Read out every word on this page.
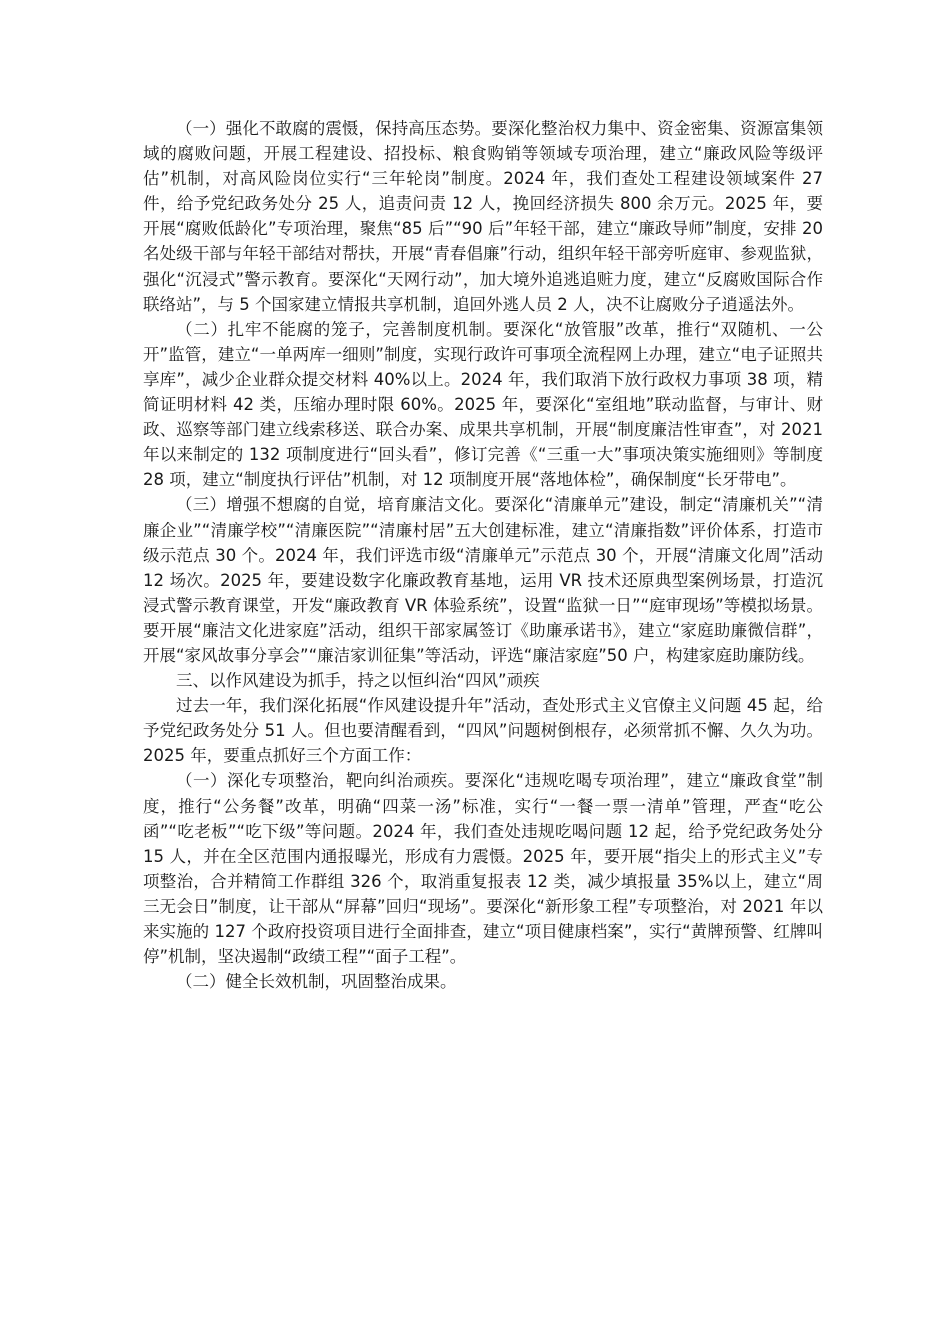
（一）强化不敢腐的震慑，保持高压态势。要深化整治权力集中、资金密集、资源富集领域的腐败问题，开展工程建设、招投标、粮食购销等领域专项治理，建立“廉政风险等级评估”机制，对高风险岗位实行“三年轮岗”制度。2024 年，我们查处工程建设领域案件 27 件，给予党纪政务处分 25 人，追责问责 12 人，挽回经济损失 800 余万元。2025 年，要开展“腐败低龄化”专项治理，聚焦“85 后”“90 后”年轻干部，建立“廉政导师”制度，安排 20 名处级干部与年轻干部结对帮扶，开展“青春倡廉”行动，组织年轻干部旁听庭审、参观监狱，强化“沉浸式”警示教育。要深化“天网行动”，加大境外追逃追赃力度，建立“反腐败国际合作联络站”，与 5 个国家建立情报共享机制，追回外逃人员 2 人，决不让腐败分子逍遥法外。

（二）扎牢不能腐的笼子，完善制度机制。要深化“放管服”改革，推行“双随机、一公开”监管，建立“一单两库一细则”制度，实现行政许可事项全流程网上办理，建立“电子证照共享库”，减少企业群众提交材料 40%以上。2024 年，我们取消下放行政权力事项 38 项，精简证明材料 42 类，压缩办理时限 60%。2025 年，要深化“室组地”联动监督，与审计、财政、巡察等部门建立线索移送、联合办案、成果共享机制，开展“制度廉洁性审查”，对 2021 年以来制定的 132 项制度进行“回头看”，修订完善《“三重一大”事项决策实施细则》等制度 28 项，建立“制度执行评估”机制，对 12 项制度开展“落地体检”，确保制度“长牙带电”。

（三）增强不想腐的自觉，培育廉洁文化。要深化“清廉单元”建设，制定“清廉机关”“清廉企业”“清廉学校”“清廉医院”“清廉村居”五大创建标准，建立“清廉指数”评价体系，打造市级示范点 30 个。2024 年，我们评选市级“清廉单元”示范点 30 个，开展“清廉文化周”活动 12 场次。2025 年，要建设数字化廉政教育基地，运用 VR 技术还原典型案例场景，打造沉浸式警示教育课堂，开发“廉政教育 VR 体验系统”，设置“监狱一日”“庭审现场”等模拟场景。要开展“廉洁文化进家庭”活动，组织干部家属签订《助廉承诺书》，建立“家庭助廉微信群”，开展“家风故事分享会”“廉洁家训征集”等活动，评选“廉洁家庭”50 户，构建家庭助廉防线。

三、以作风建设为抓手，持之以恒纠治“四风”顽疾

过去一年，我们深化拓展“作风建设提升年”活动，查处形式主义官僚主义问题 45 起，给予党纪政务处分 51 人。但也要清醒看到，“四风”问题树倒根存，必须常抓不懈、久久为功。2025 年，要重点抓好三个方面工作：

（一）深化专项整治，靶向纠治顽疾。要深化“违规吃喝专项治理”，建立“廉政食堂”制度，推行“公务餐”改革，明确“四菜一汤”标准，实行“一餐一票一清单”管理，严查“吃公函”“吃老板”“吃下级”等问题。2024 年，我们查处违规吃喝问题 12 起，给予党纪政务处分 15 人，并在全区范围内通报曝光，形成有力震慑。2025 年，要开展“指尖上的形式主义”专项整治，合并精简工作群组 326 个，取消重复报表 12 类，减少填报量 35%以上，建立“周三无会日”制度，让干部从“屏幕”回归“现场”。要深化“新形象工程”专项整治，对 2021 年以来实施的 127 个政府投资项目进行全面排查，建立“项目健康档案”，实行“黄牌预警、红牌叫停”机制，坚决遏制“政绩工程”“面子工程”。

（二）健全长效机制，巩固整治成果。
